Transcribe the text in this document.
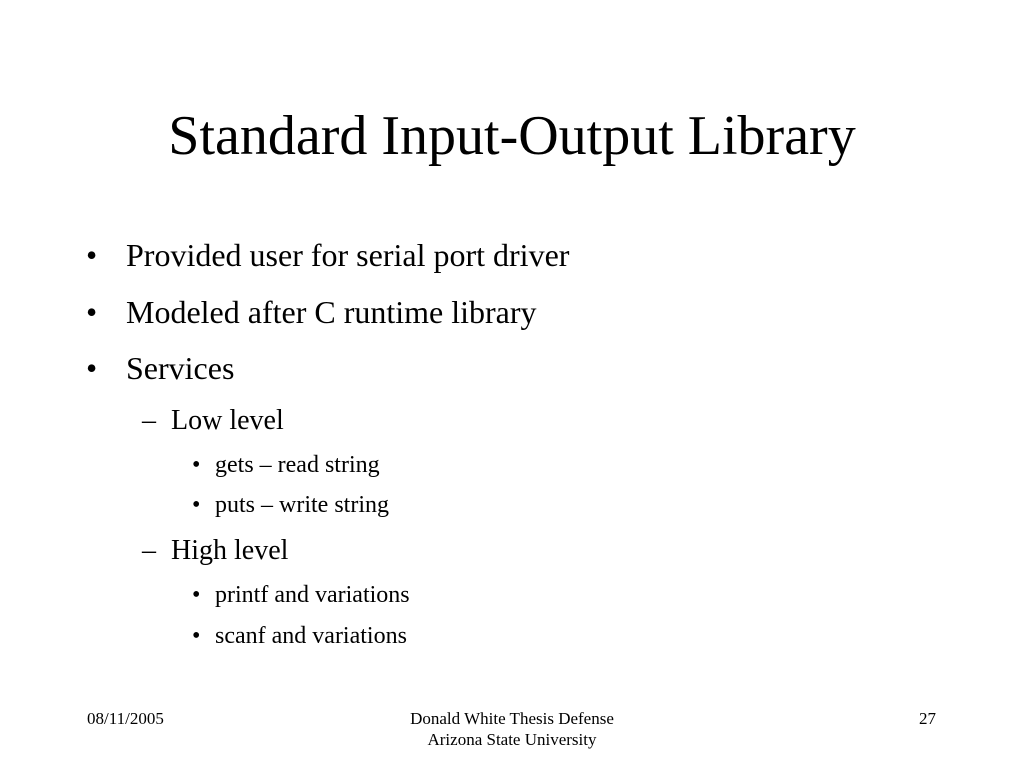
Standard Input-Output Library
• Provided user for serial port driver
• Modeled after C runtime library
• Services
– Low level
• gets – read string
• puts – write string
– High level
• printf and variations
• scanf and variations
08/11/2005	Donald White Thesis Defense
Arizona State University
27
